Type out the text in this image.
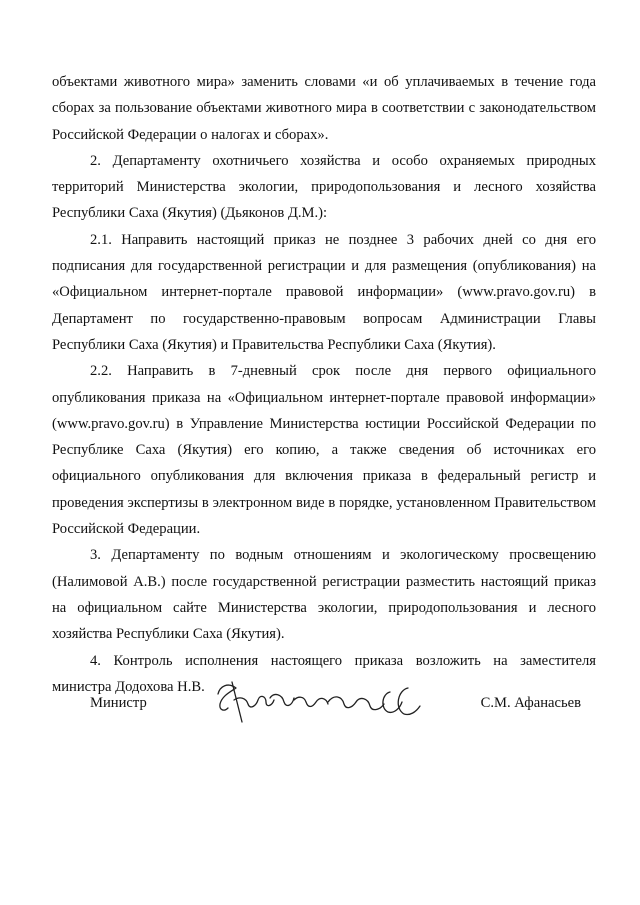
объектами животного мира» заменить словами «и об уплачиваемых в течение года сборах за пользование объектами животного мира в соответствии с законодательством Российской Федерации о налогах и сборах».

2. Департаменту охотничьего хозяйства и особо охраняемых природных территорий Министерства экологии, природопользования и лесного хозяйства Республики Саха (Якутия) (Дьяконов Д.М.):

2.1. Направить настоящий приказ не позднее 3 рабочих дней со дня его подписания для государственной регистрации и для размещения (опубликования) на «Официальном интернет-портале правовой информации» (www.pravo.gov.ru) в Департамент по государственно-правовым вопросам Администрации Главы Республики Саха (Якутия) и Правительства Республики Саха (Якутия).

2.2. Направить в 7-дневный срок после дня первого официального опубликования приказа на «Официальном интернет-портале правовой информации» (www.pravo.gov.ru) в Управление Министерства юстиции Российской Федерации по Республике Саха (Якутия) его копию, а также сведения об источниках его официального опубликования для включения приказа в федеральный регистр и проведения экспертизы в электронном виде в порядке, установленном Правительством Российской Федерации.

3. Департаменту по водным отношениям и экологическому просвещению (Налимовой А.В.) после государственной регистрации разместить настоящий приказ на официальном сайте Министерства экологии, природопользования и лесного хозяйства Республики Саха (Якутия).

4. Контроль исполнения настоящего приказа возложить на заместителя министра Додохова Н.В.

Министр	С.М. Афанасьев
